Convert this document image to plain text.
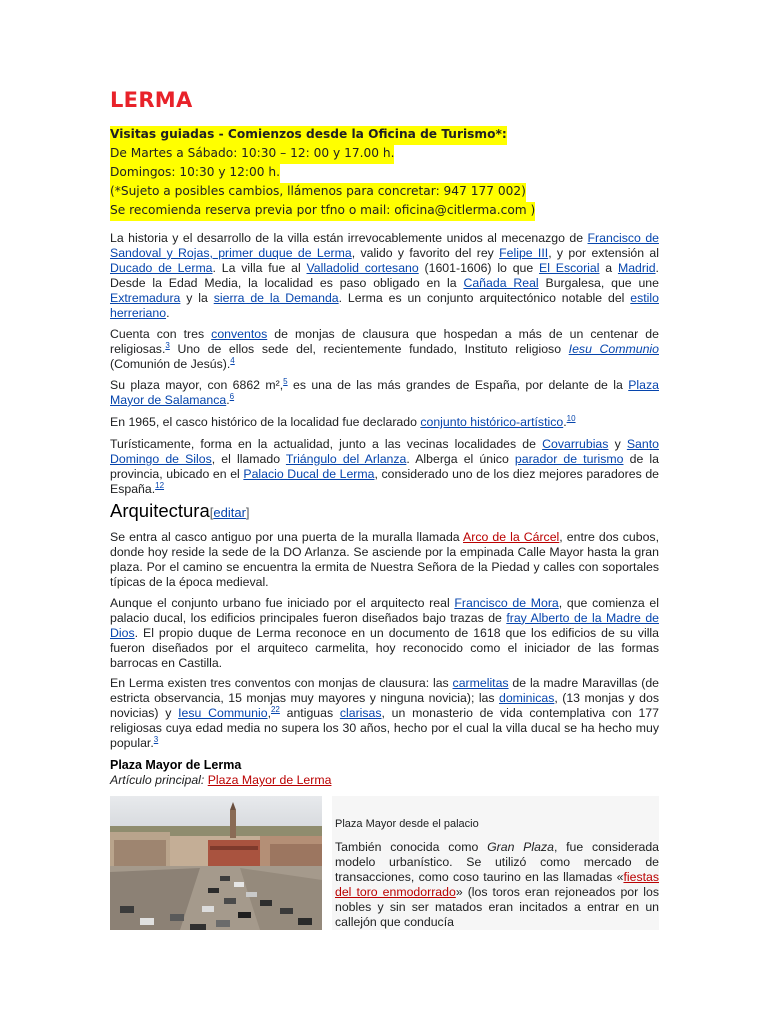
LERMA
Visitas guiadas - Comienzos desde la Oficina de Turismo*:
De Martes a Sábado: 10:30 – 12: 00 y 17.00 h.
Domingos: 10:30 y 12:00 h.
(*Sujeto a posibles cambios, llámenos para concretar: 947 177 002)
Se recomienda reserva previa por tfno o mail: oficina@citlerma.com )

La historia y el desarrollo de la villa están irrevocablemente unidos al mecenazgo de Francisco de Sandoval y Rojas, primer duque de Lerma, valido y favorito del rey Felipe III, y por extensión al Ducado de Lerma. La villa fue al Valladolid cortesano (1601-1606) lo que El Escorial a Madrid. Desde la Edad Media, la localidad es paso obligado en la Cañada Real Burgalesa, que une Extremadura y la sierra de la Demanda. Lerma es un conjunto arquitectónico notable del estilo herreriano.

Cuenta con tres conventos de monjas de clausura que hospedan a más de un centenar de religiosas.$^3$ Uno de ellos sede del, recientemente fundado, Instituto religioso Iesu Communio (Comunión de Jesús).$^4$

Su plaza mayor, con 6862 m²,$^5$ es una de las más grandes de España, por delante de la Plaza Mayor de Salamanca.$^6$

En 1965, el casco histórico de la localidad fue declarado conjunto histórico-artístico.$^{10}$

Turísticamente, forma en la actualidad, junto a las vecinas localidades de Covarrubias y Santo Domingo de Silos, el llamado Triángulo del Arlanza. Alberga el único parador de turismo de la provincia, ubicado en el Palacio Ducal de Lerma, considerado uno de los diez mejores paradores de España.$^{12}$

Arquitectura[editar]

Se entra al casco antiguo por una puerta de la muralla llamada Arco de la Cárcel, entre dos cubos, donde hoy reside la sede de la DO Arlanza. Se asciende por la empinada Calle Mayor hasta la gran plaza. Por el camino se encuentra la ermita de Nuestra Señora de la Piedad y calles con soportales típicas de la época medieval.

Aunque el conjunto urbano fue iniciado por el arquitecto real Francisco de Mora, que comienza el palacio ducal, los edificios principales fueron diseñados bajo trazas de fray Alberto de la Madre de Dios. El propio duque de Lerma reconoce en un documento de 1618 que los edificios de su villa fueron diseñados por el arquiteco carmelita, hoy reconocido como el iniciador de las formas barrocas en Castilla.

En Lerma existen tres conventos con monjas de clausura: las carmelitas de la madre Maravillas (de estricta observancia, 15 monjas muy mayores y ninguna novicia); las dominicas, (13 monjas y dos novicias) y Iesu Communio,$^{22}$ antiguas clarisas, un monasterio de vida contemplativa con 177 religiosas cuya edad media no supera los 30 años, hecho por el cual la villa ducal se ha hecho muy popular.$^3$

Plaza Mayor de Lerma
Artículo principal: Plaza Mayor de Lerma
Plaza Mayor desde el palacio

También conocida como Gran Plaza, fue considerada modelo urbanístico. Se utilizó como mercado de transacciones, como coso taurino en las llamadas «fiestas del toro enmodorrado» (los toros eran rejoneados por los nobles y sin ser matados eran incitados a entrar en un callejón que conducía
